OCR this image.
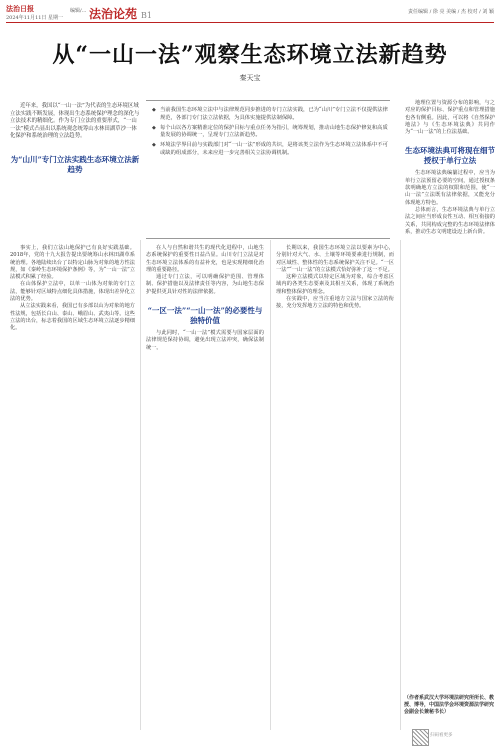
法治日报
2024年11月11日 星期一
编辑/... 法治论苑 B1	责任编辑 / 徐 亮 美编 / 杰 校对 / 刘 颖
从“一山一法”观察生态环境立法新趋势
秦天宝

近年来，我国以“一山一法”为代表的生态环境区域立法实践不断发展，体现出生态系统保护理念的深化与立法技术的精细化。作为专门立法的重要形式，“一山一法”模式凸显出以系统观念统筹山水林田湖草沙一体化保护和系统治理的立法趋势。

为“山川”专门立法实践生态环境立法新趋势
◆ 当前我国生态环境立法中与法律规范同步推进的专门立法实践，已为“山川”专门立法不仅提供法律规范，各部门专门法立法依据，为具体实施提供法制保障。
◆ 每个山以各方案精准定位的保护目标与重点任务为指引，统筹规划，推动山地生态保护修复和高质量发展的协调统一，呈现专门立法新趋势。
◆ 环境法学界目前与实践部门对“一山一法”形成的共识，是将该类立法作为生态环境立法体系中不可或缺的组成部分，未来应进一步完善相关立法协调机制。

事实上，我们立法山地保护已有良好实践基础。2018年，党的十九大报告提出要统筹山水林田湖草系统治理。各地陆续出台了以特定山脉为对象的地方性法规，如《秦岭生态环境保护条例》等，为“一山一法”立法模式积累了经验。

在山体保护立法中，以单一山体为对象的专门立法，能够针对区域特点细化具体措施，体现出差异化立法的优势。

从立法实践来看，我国已有多部以山为对象的地方性法规，包括长白山、泰山、峨眉山、武夷山等。这些立法的出台，标志着我国的区域生态环境立法逐步精细化。

在人与自然和谐共生的现代化进程中，山地生态系统保护的重要性日益凸显。山川专门立法是对生态环境立法体系的有益补充，也是实现精细化治理的重要路径。

通过专门立法，可以明确保护范围、管理体制、保护措施以及法律责任等内容，为山地生态保护提供更具针对性的法律依据。

“一区一法”“一山一法”的必要性与独特价值

与此同时，“一山一法”模式需要与国家层面的法律规范保持协调，避免出现立法冲突，确保法制统一。

长期以来，我国生态环境立法以要素为中心，分别针对大气、水、土壤等环境要素进行规制，而对区域性、整体性的生态系统保护关注不足。“一区一法”“一山一法”的立法模式恰好弥补了这一不足。

这种立法模式以特定区域为对象，综合考虑区域内的各类生态要素及其相互关系，体现了系统治理和整体保护的理念。

在实践中，应当注重地方立法与国家立法的衔接，充分发挥地方立法的特色和优势。

地理位置与资源分布的影响，与之对应的保护目标、保护重点和管理措施也各有侧重。因此，可以将《自然保护地法》与《生态环境法典》共同作为“一山一法”的上位法基础。

生态环境法典可将现在细节授权于单行立法

生态环境法典编纂过程中，应当为单行立法预留必要的空间，通过授权条款明确地方立法的权限和范围，使“一山一法”立法既有法律依据，又能充分体现地方特色。

总体而言，生态环境法典与单行立法之间应当形成良性互动、相互衔接的关系，共同构成完整的生态环境法律体系，推动生态文明建设迈上新台阶。

（作者系武汉大学环境法研究所所长、教授、博导，中国法学会环境资源法学研究会副会长兼秘书长）
扫码看更多
